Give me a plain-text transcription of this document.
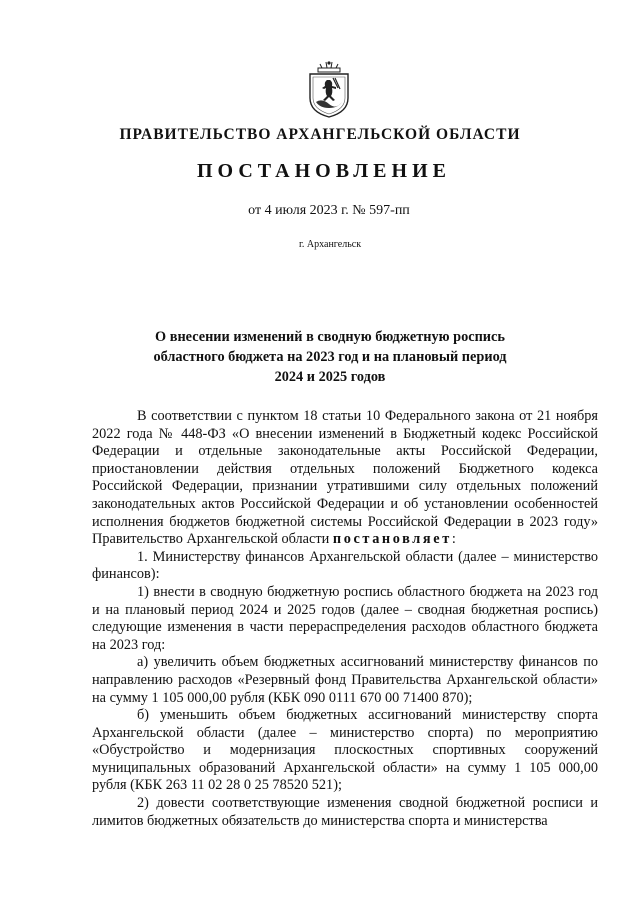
ПРАВИТЕЛЬСТВО АРХАНГЕЛЬСКОЙ ОБЛАСТИ
ПОСТАНОВЛЕНИЕ
от 4 июля 2023 г. № 597-пп
г. Архангельск
О внесении изменений в сводную бюджетную роспись
областного бюджета на 2023 год и на плановый период
2024 и 2025 годов

В соответствии с пунктом 18 статьи 10 Федерального закона от 21 ноября 2022 года № 448-ФЗ «О внесении изменений в Бюджетный кодекс Российской Федерации и отдельные законодательные акты Российской Федерации, приостановлении действия отдельных положений Бюджетного кодекса Российской Федерации, признании утратившими силу отдельных положений законодательных актов Российской Федерации и об установлении особенностей исполнения бюджетов бюджетной системы Российской Федерации в 2023 году» Правительство Архангельской области постановляет:

1. Министерству финансов Архангельской области (далее – министерство финансов):

1) внести в сводную бюджетную роспись областного бюджета на 2023 год и на плановый период 2024 и 2025 годов (далее – сводная бюджетная роспись) следующие изменения в части перераспределения расходов областного бюджета на 2023 год:

а) увеличить объем бюджетных ассигнований министерству финансов по направлению расходов «Резервный фонд Правительства Архангельской области» на сумму 1 105 000,00 рубля (КБК 090 0111 670 00 71400 870);

б) уменьшить объем бюджетных ассигнований министерству спорта Архангельской области (далее – министерство спорта) по мероприятию «Обустройство и модернизация плоскостных спортивных сооружений муниципальных образований Архангельской области» на сумму 1 105 000,00 рубля (КБК 263 11 02 28 0 25 78520 521);

2) довести соответствующие изменения сводной бюджетной росписи и лимитов бюджетных обязательств до министерства спорта и министерства
